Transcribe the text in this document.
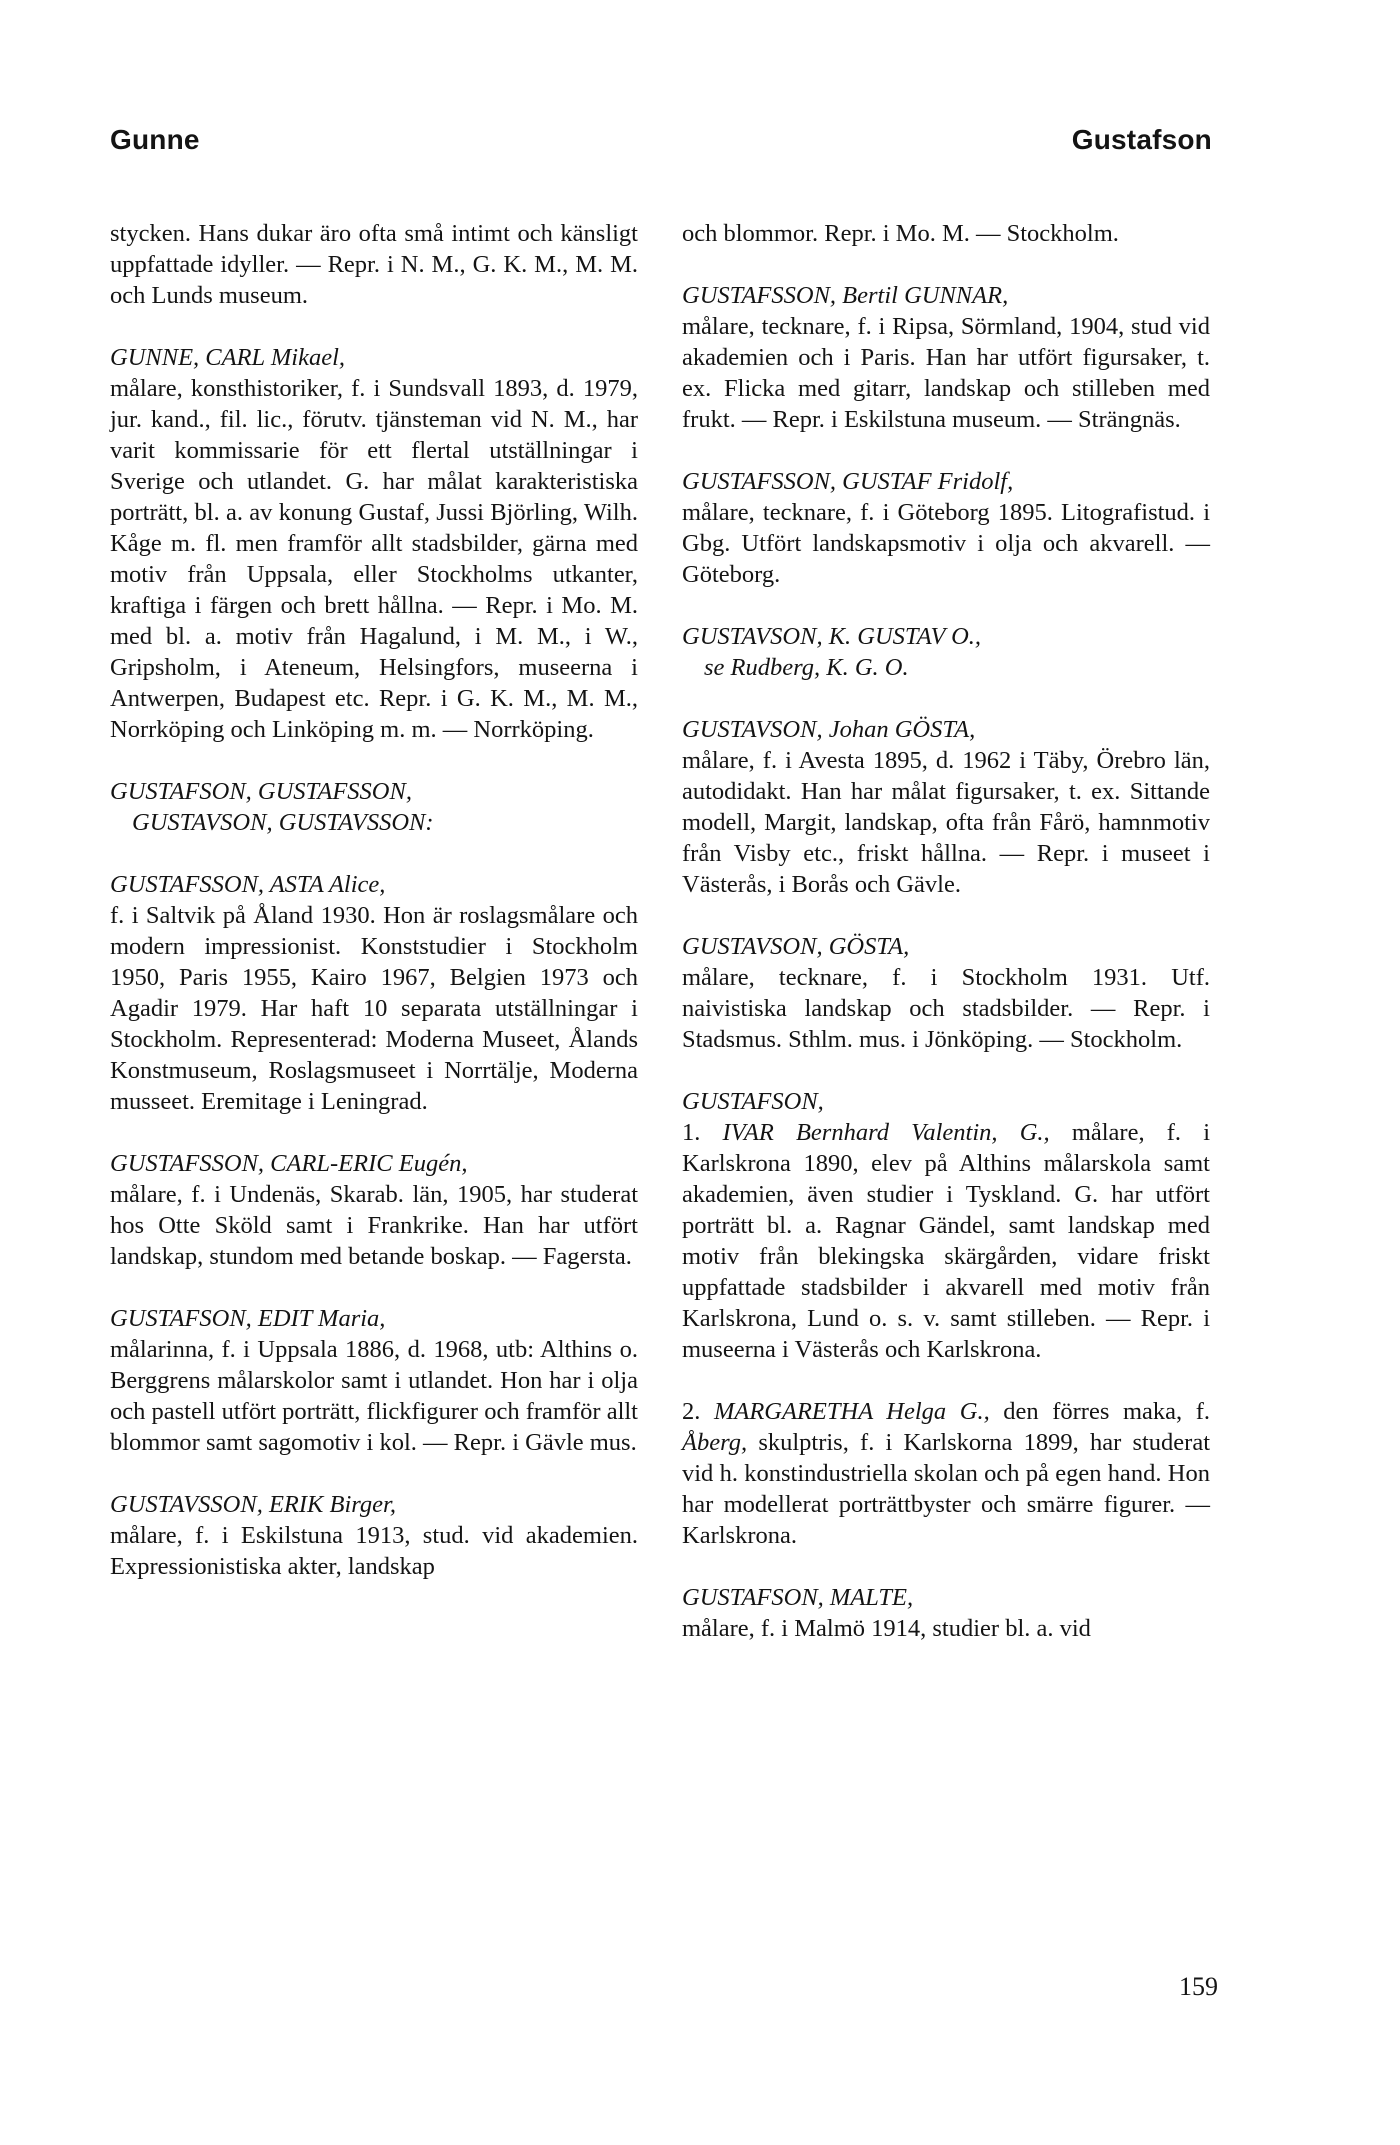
Gunne	Gustafson
stycken. Hans dukar äro ofta små intimt och känsligt uppfattade idyller. — Repr. i N. M., G. K. M., M. M. och Lunds museum.
GUNNE, CARL Mikael,
målare, konsthistoriker, f. i Sundsvall 1893, d. 1979, jur. kand., fil. lic., förutv. tjänsteman vid N. M., har varit kommissarie för ett flertal utställningar i Sverige och utlandet. G. har målat karakteristiska porträtt, bl. a. av konung Gustaf, Jussi Björling, Wilh. Kåge m. fl. men framför allt stadsbilder, gärna med motiv från Uppsala, eller Stockholms utkanter, kraftiga i färgen och brett hållna. — Repr. i Mo. M. med bl. a. motiv från Hagalund, i M. M., i W., Gripsholm, i Ateneum, Helsingfors, museerna i Antwerpen, Budapest etc. Repr. i G. K. M., M. M., Norrköping och Linköping m. m. — Norrköping.
GUSTAFSON, GUSTAFSSON,
GUSTAVSON, GUSTAVSSON:
GUSTAFSSON, ASTA Alice,
f. i Saltvik på Åland 1930. Hon är roslagsmålare och modern impressionist. Konststudier i Stockholm 1950, Paris 1955, Kairo 1967, Belgien 1973 och Agadir 1979. Har haft 10 separata utställningar i Stockholm. Representerad: Moderna Museet, Ålands Konstmuseum, Roslagsmuseet i Norrtälje, Moderna musseet. Eremitage i Leningrad.
GUSTAFSSON, CARL-ERIC Eugén,
målare, f. i Undenäs, Skarab. län, 1905, har studerat hos Otte Sköld samt i Frankrike. Han har utfört landskap, stundom med betande boskap. — Fagersta.
GUSTAFSON, EDIT Maria,
målarinna, f. i Uppsala 1886, d. 1968, utb: Althins o. Berggrens målarskolor samt i utlandet. Hon har i olja och pastell utfört porträtt, flickfigurer och framför allt blommor samt sagomotiv i kol. — Repr. i Gävle mus.
GUSTAVSSON, ERIK Birger,
målare, f. i Eskilstuna 1913, stud. vid akademien. Expressionistiska akter, landskap
och blommor. Repr. i Mo. M. — Stockholm.
GUSTAFSSON, Bertil GUNNAR,
målare, tecknare, f. i Ripsa, Sörmland, 1904, stud vid akademien och i Paris. Han har utfört figursaker, t. ex. Flicka med gitarr, landskap och stilleben med frukt. — Repr. i Eskilstuna museum. — Strängnäs.
GUSTAFSSON, GUSTAF Fridolf,
målare, tecknare, f. i Göteborg 1895. Litografistud. i Gbg. Utfört landskapsmotiv i olja och akvarell. — Göteborg.
GUSTAVSON, K. GUSTAV O.,
se Rudberg, K. G. O.
GUSTAVSON, Johan GÖSTA,
målare, f. i Avesta 1895, d. 1962 i Täby, Örebro län, autodidakt. Han har målat figursaker, t. ex. Sittande modell, Margit, landskap, ofta från Fårö, hamnmotiv från Visby etc., friskt hållna. — Repr. i museet i Västerås, i Borås och Gävle.
GUSTAVSON, GÖSTA,
målare, tecknare, f. i Stockholm 1931. Utf. naivistiska landskap och stadsbilder. — Repr. i Stadsmus. Sthlm. mus. i Jönköping. — Stockholm.
GUSTAFSON,
1. IVAR Bernhard Valentin, G., målare, f. i Karlskrona 1890, elev på Althins målarskola samt akademien, även studier i Tyskland. G. har utfört porträtt bl. a. Ragnar Gändel, samt landskap med motiv från blekingska skärgården, vidare friskt uppfattade stadsbilder i akvarell med motiv från Karlskrona, Lund o. s. v. samt stilleben. — Repr. i museerna i Västerås och Karlskrona.
2. MARGARETHA Helga G., den förres maka, f. Åberg, skulptris, f. i Karlskorna 1899, har studerat vid h. konstindustriella skolan och på egen hand. Hon har modellerat porträttbyster och smärre figurer. — Karlskrona.
GUSTAFSON, MALTE,
målare, f. i Malmö 1914, studier bl. a. vid
159
